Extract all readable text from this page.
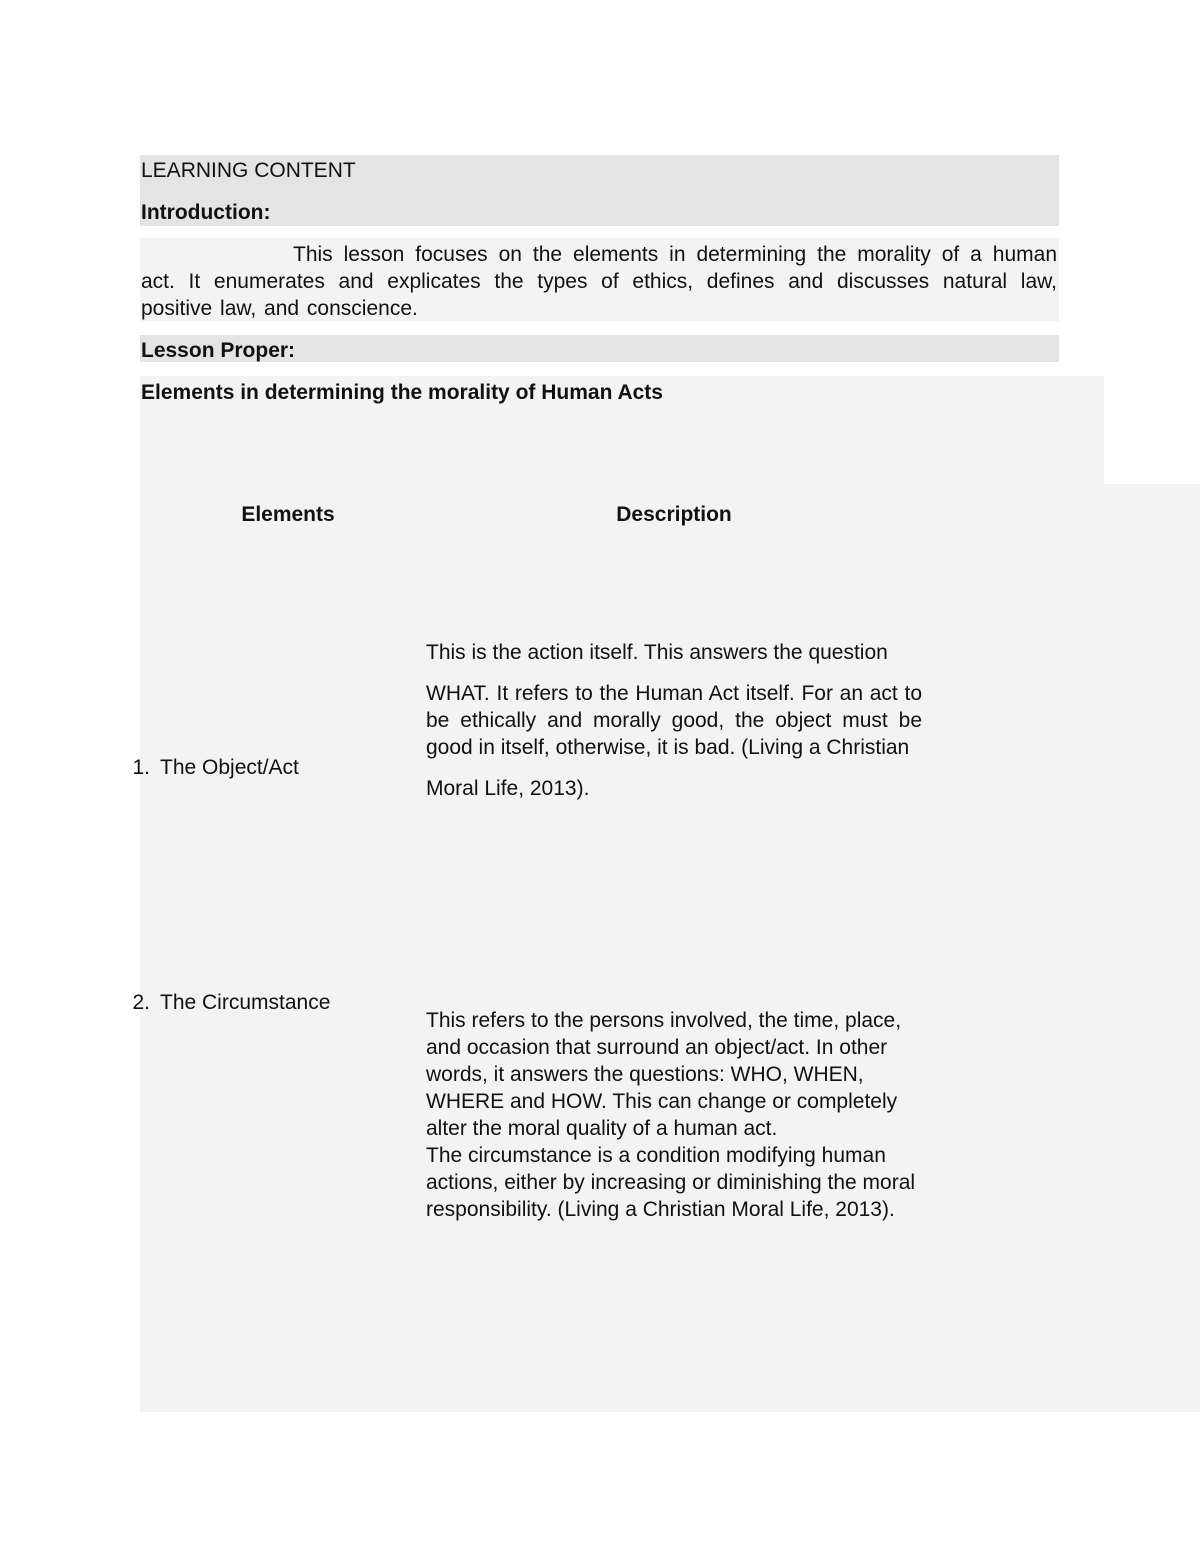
LEARNING CONTENT
Introduction:
This lesson focuses on the elements in determining the morality of a human act. It enumerates and explicates the types of ethics, defines and discusses natural law, positive law, and conscience.
Lesson Proper:
Elements in determining the morality of Human Acts
Elements	Description
1. The Object/Act

This is the action itself. This answers the question

WHAT. It refers to the Human Act itself. For an act to be ethically and morally good, the object must be good in itself, otherwise, it is bad. (Living a Christian

Moral Life, 2013).

2. The Circumstance

This refers to the persons involved, the time, place, and occasion that surround an object/act. In other words, it answers the questions: WHO, WHEN, WHERE and HOW. This can change or completely alter the moral quality of a human act.

The circumstance is a condition modifying human actions, either by increasing or diminishing the moral responsibility. (Living a Christian Moral Life, 2013).
